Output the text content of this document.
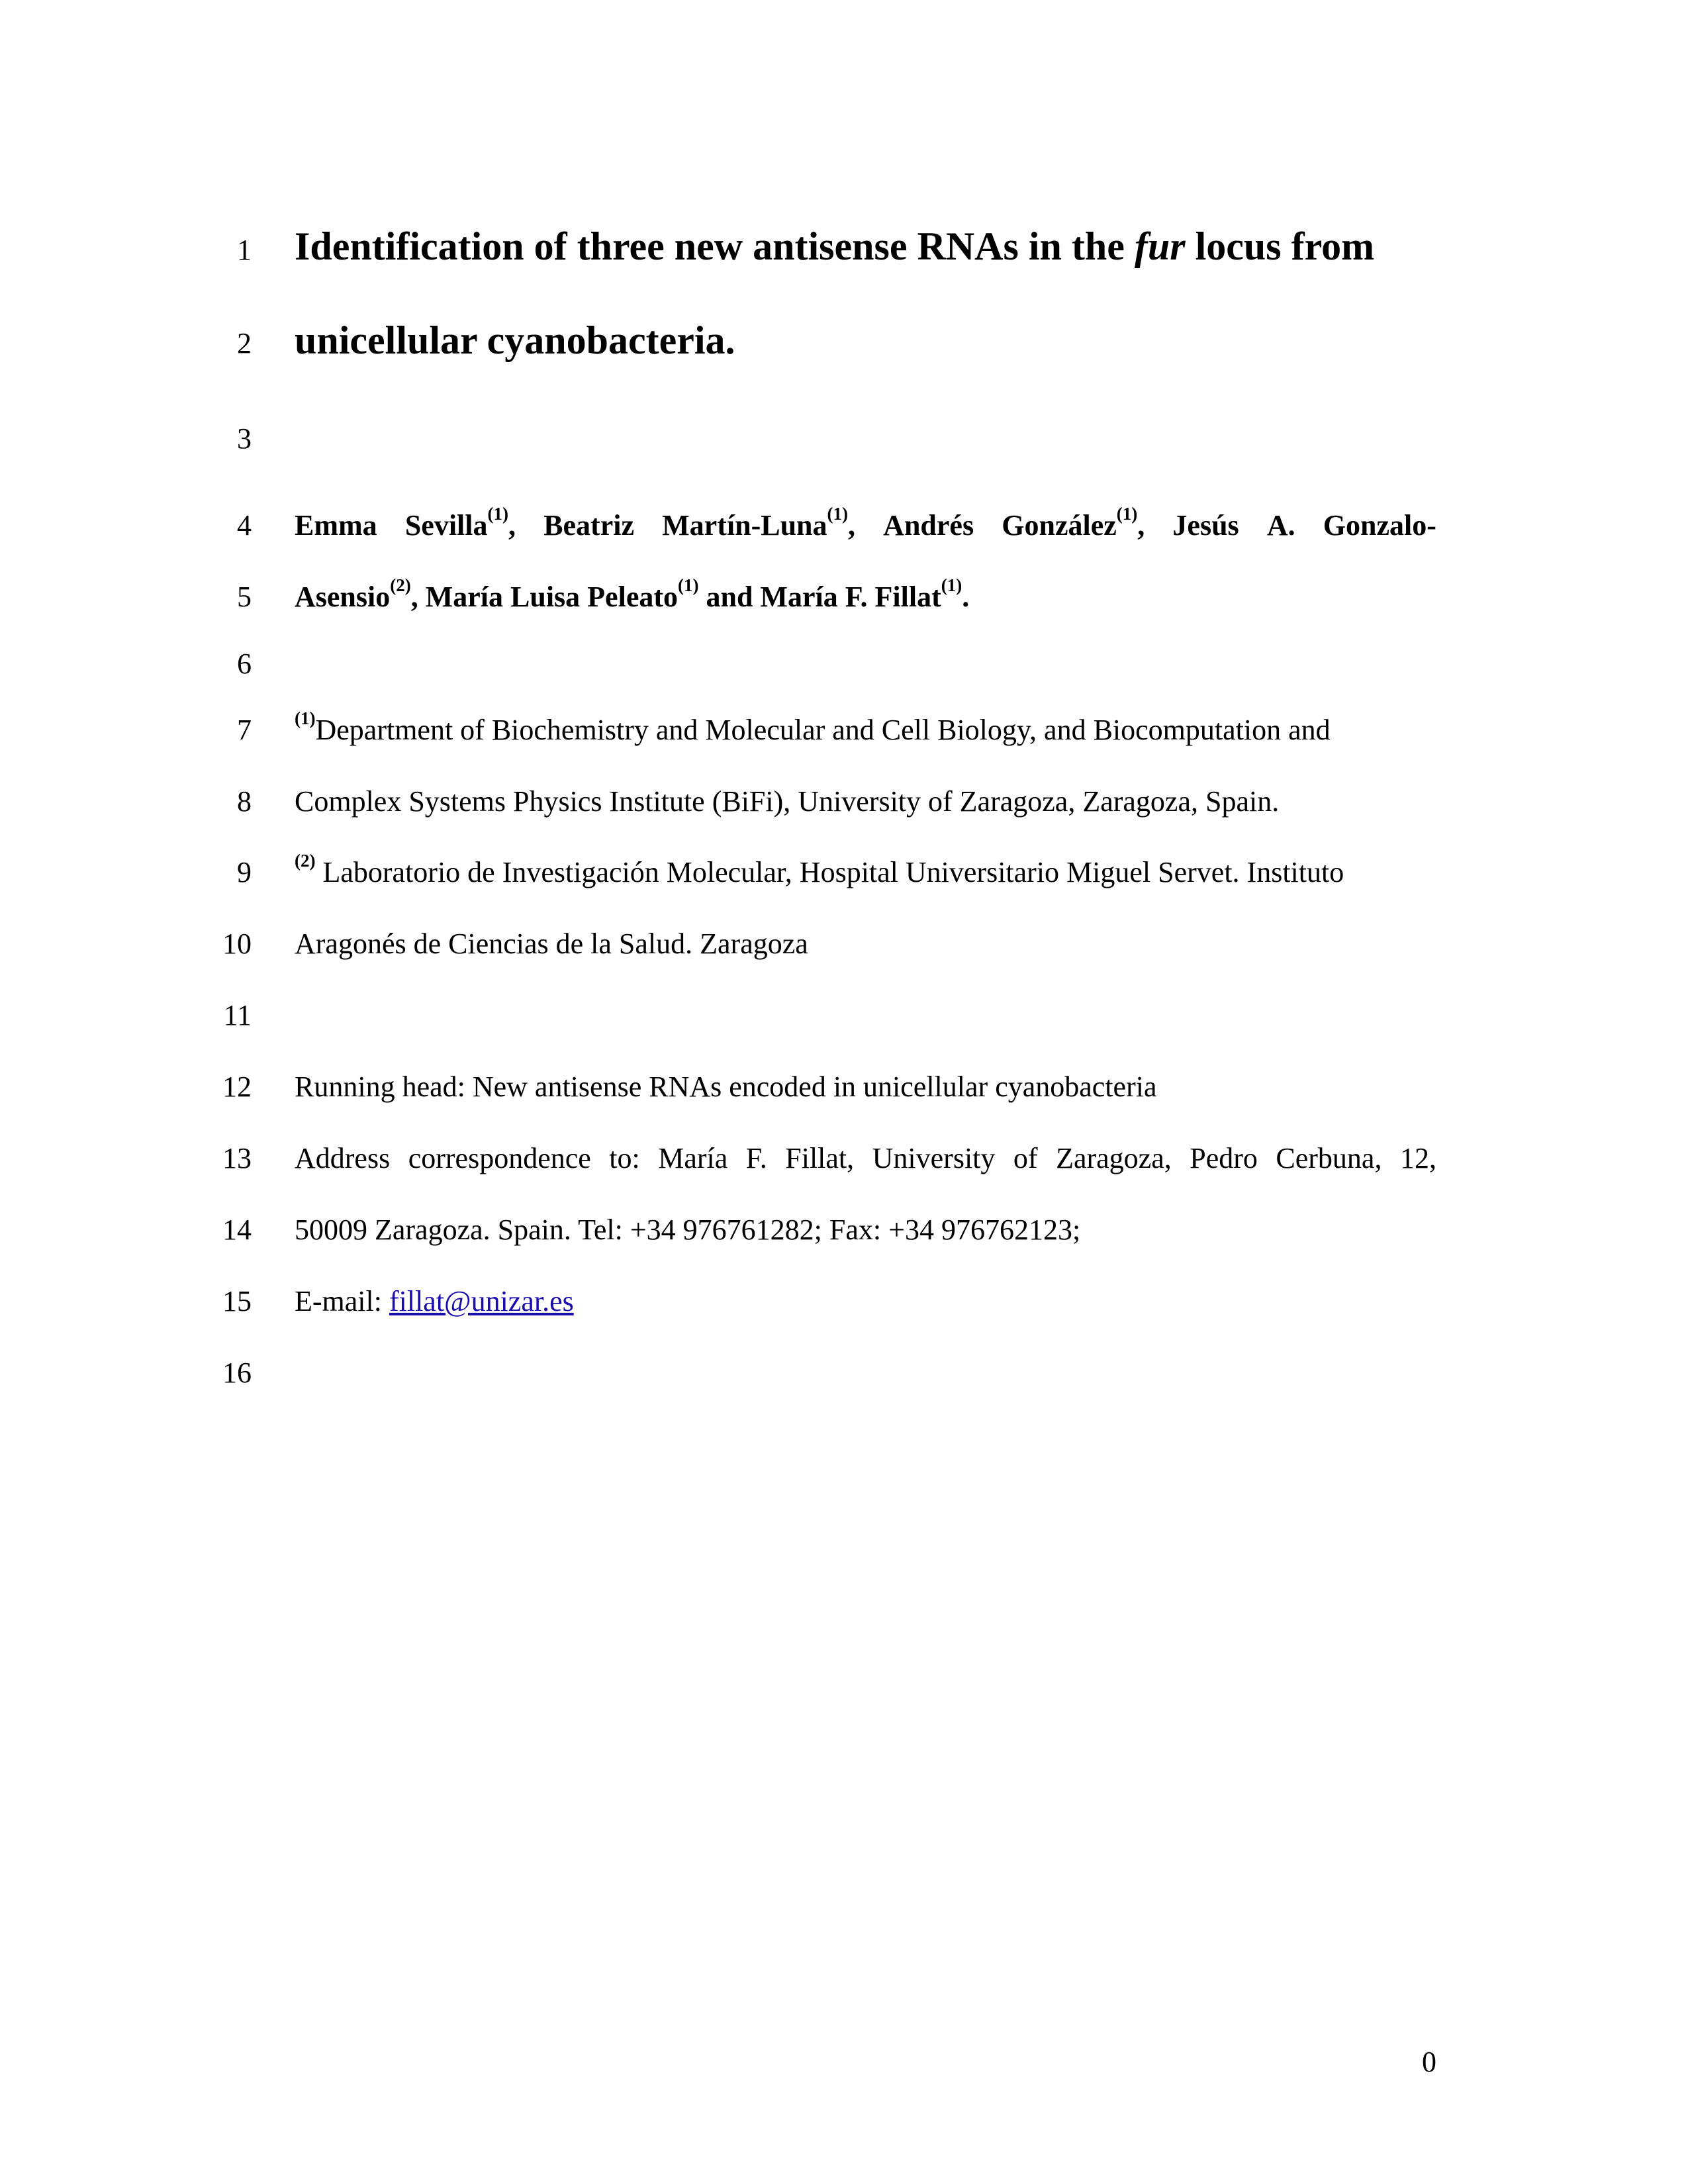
1
2
3
4
5
6
7
8
9
10
11
12
13
14
15
16
Identification of three new antisense RNAs in the fur locus from
unicellular cyanobacteria.
Emma Sevilla$^{(1)}$, Beatriz Martín-Luna$^{(1)}$, Andrés González$^{(1)}$, Jesús A. Gonzalo-
Asensio$^{(2)}$, María Luisa Peleato$^{(1)}$ and María F. Fillat$^{(1)}$.
$^{(1)}$Department of Biochemistry and Molecular and Cell Biology, and Biocomputation and
Complex Systems Physics Institute (BiFi), University of Zaragoza, Zaragoza, Spain.
$^{(2)}$ Laboratorio de Investigación Molecular, Hospital Universitario Miguel Servet. Instituto
Aragonés de Ciencias de la Salud. Zaragoza
Running head: New antisense RNAs encoded in unicellular cyanobacteria
Address correspondence to: María F. Fillat, University of Zaragoza, Pedro Cerbuna, 12,
50009 Zaragoza. Spain. Tel: +34 976761282; Fax: +34 976762123;
E-mail: fillat@unizar.es
0
